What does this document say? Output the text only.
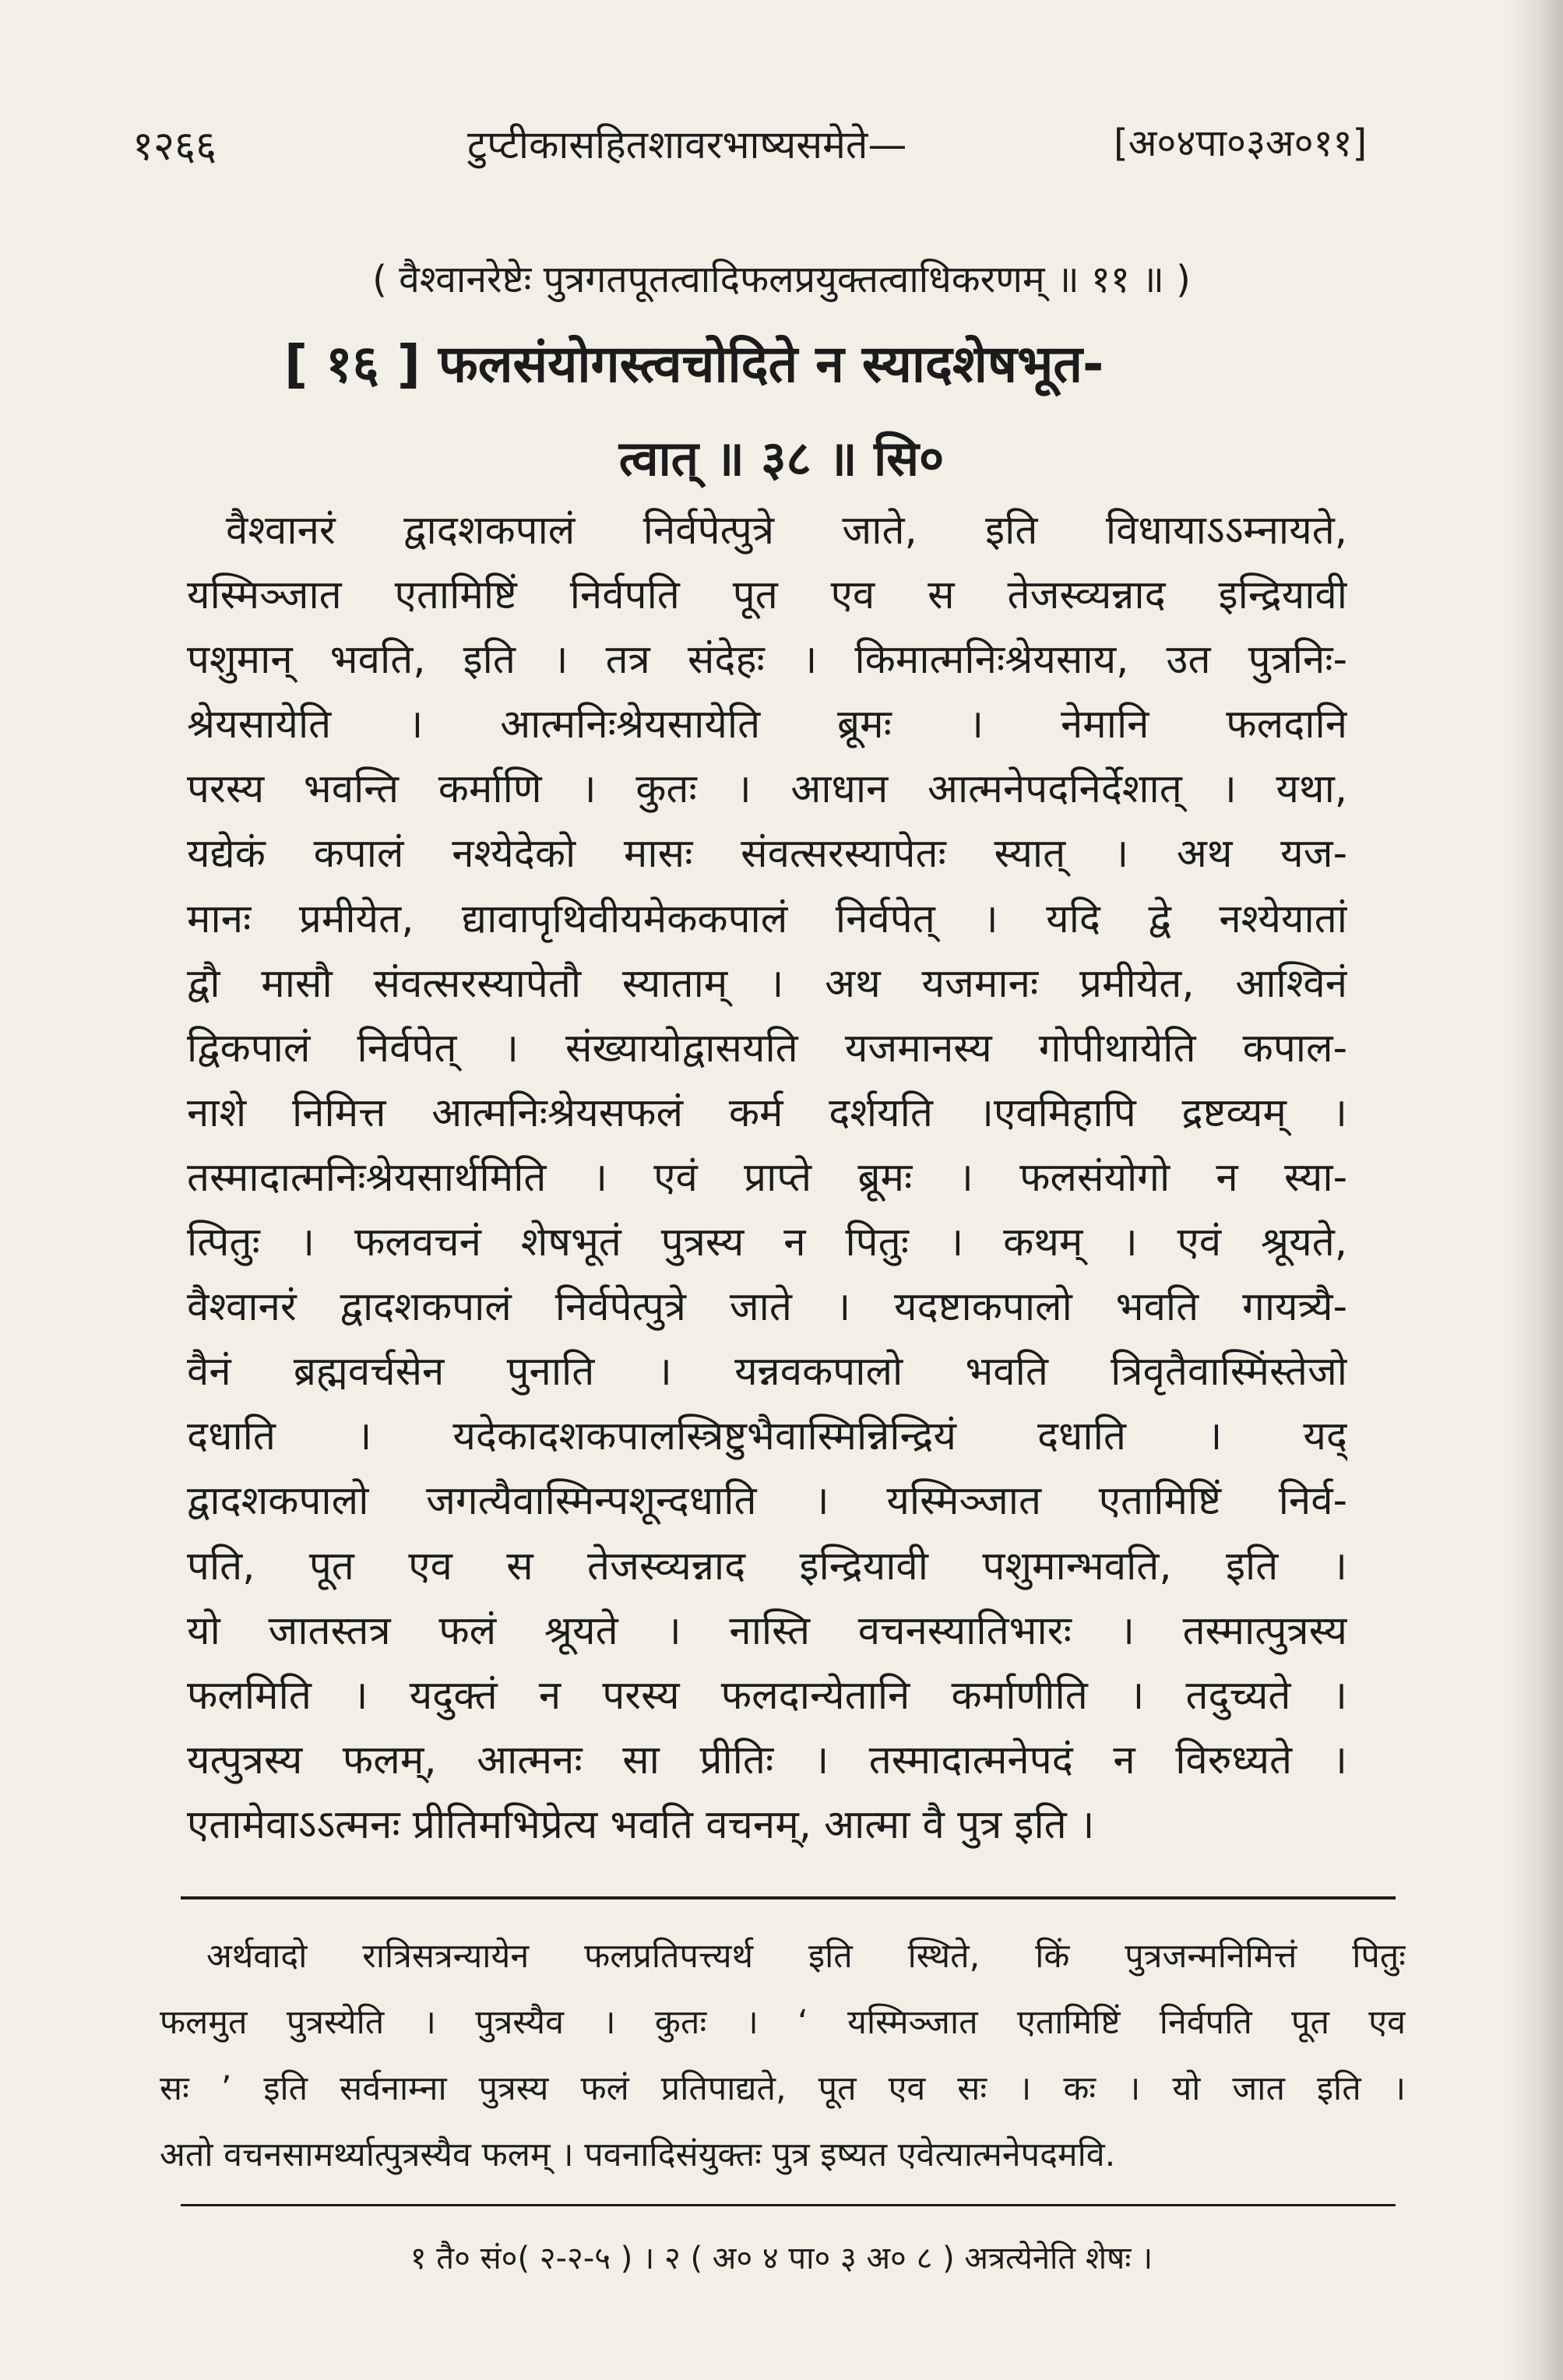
१२६६	टुप्टीकासहितशावरभाष्यसमेते—	[अ०४पा०३अ०११]
( वैश्वानरेष्टेः पुत्रगतपूतत्वादिफलप्रयुक्तत्वाधिकरणम् ॥ ११ ॥ )
[ १६ ] फलसंयोगस्त्वचोदिते न स्यादशेषभूत-
त्वात् ॥ ३८ ॥ सि०
वैश्वानरं द्वादशकपालं निर्वपेत्पुत्रे जाते, इति विधायाऽऽम्नायते,
यस्मिञ्जात एतामिष्टिं निर्वपति पूत एव स तेजस्व्यन्नाद इन्द्रियावी
पशुमान् भवति, इति । तत्र संदेहः । किमात्मनिःश्रेयसाय, उत पुत्रनिः-
श्रेयसायेति । आत्मनिःश्रेयसायेति ब्रूमः । नेमानि फलदानि
परस्य भवन्ति कर्माणि । कुतः । आधान आत्मनेपदनिर्देशात् । यथा,
यद्येकं कपालं नश्येदेको मासः संवत्सरस्यापेतः स्यात् । अथ यज-
मानः प्रमीयेत, द्यावापृथिवीयमेककपालं निर्वपेत् । यदि द्वे नश्येयातां
द्वौ मासौ संवत्सरस्यापेतौ स्याताम् । अथ यजमानः प्रमीयेत, आश्विनं
द्विकपालं निर्वपेत् । संख्यायोद्वासयति यजमानस्य गोपीथायेति कपाल-
नाशे निमित्त आत्मनिःश्रेयसफलं कर्म दर्शयति ।एवमिहापि द्रष्टव्यम् ।
तस्मादात्मनिःश्रेयसार्थमिति । एवं प्राप्ते ब्रूमः । फलसंयोगो न स्या-
त्पितुः । फलवचनं शेषभूतं पुत्रस्य न पितुः । कथम् । एवं श्रूयते,
वैश्वानरं द्वादशकपालं निर्वपेत्पुत्रे जाते । यदष्टाकपालो भवति गायत्र्यै-
वैनं ब्रह्मवर्चसेन पुनाति । यन्नवकपालो भवति त्रिवृतैवास्मिंस्तेजो
दधाति । यदेकादशकपालस्त्रिष्टुभैवास्मिन्निन्द्रियं दधाति । यद्
द्वादशकपालो जगत्यैवास्मिन्पशून्दधाति । यस्मिञ्जात एतामिष्टिं निर्व-
पति, पूत एव स तेजस्व्यन्नाद इन्द्रियावी पशुमान्भवति, इति ।
यो जातस्तत्र फलं श्रूयते । नास्ति वचनस्यातिभारः । तस्मात्पुत्रस्य
फलमिति । यदुक्तं न परस्य फलदान्येतानि कर्माणीति । तदुच्यते ।
यत्पुत्रस्य फलम्, आत्मनः सा प्रीतिः । तस्मादात्मनेपदं न विरुध्यते ।
एतामेवाऽऽत्मनः प्रीतिमभिप्रेत्य भवति वचनम्, आत्मा वै पुत्र इति ।
अर्थवादो रात्रिसत्रन्यायेन फलप्रतिपत्त्यर्थ इति स्थिते, किं पुत्रजन्मनिमित्तं पितुः
फलमुत पुत्रस्येति । पुत्रस्यैव । कुतः । ‘ यस्मिञ्जात एतामिष्टिं निर्वपति पूत एव
सः ’ इति सर्वनाम्ना पुत्रस्य फलं प्रतिपाद्यते, पूत एव सः । कः । यो जात इति ।
अतो वचनसामर्थ्यात्पुत्रस्यैव फलम् । पवनादिसंयुक्तः पुत्र इष्यत एवेत्यात्मनेपदमवि.
१ तै० सं०( २-२-५ ) । २ ( अ० ४ पा० ३ अ० ८ ) अत्रत्येनेति शेषः ।
